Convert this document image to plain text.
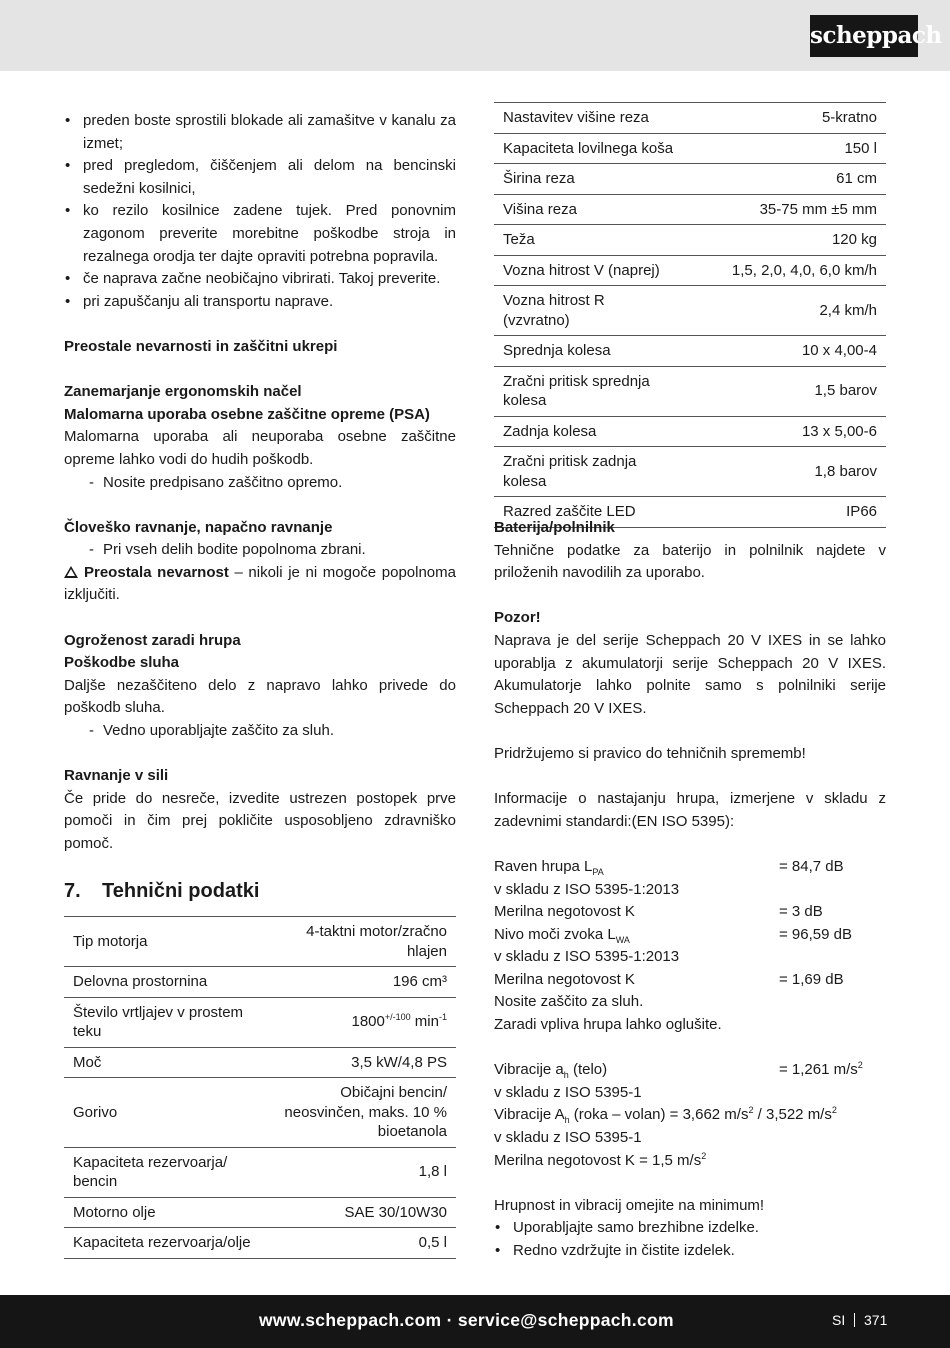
scheppach
• preden boste sprostili blokade ali zamašitve v kanalu za izmet;
• pred pregledom, čiščenjem ali delom na bencinski sedežni kosilnici,
• ko rezilo kosilnice zadene tujek. Pred ponovnim zagonom preverite morebitne poškodbe stroja in rezalnega orodja ter dajte opraviti potrebna popravila.
• če naprava začne neobičajno vibrirati. Takoj preverite.
• pri zapuščanju ali transportu naprave.
Preostale nevarnosti in zaščitni ukrepi
Zanemarjanje ergonomskih načel
Malomarna uporaba osebne zaščitne opreme (PSA)
Malomarna uporaba ali neuporaba osebne zaščitne opreme lahko vodi do hudih poškodb.
- Nosite predpisano zaščitno opremo.
Človeško ravnanje, napačno ravnanje
- Pri vseh delih bodite popolnoma zbrani.
Preostala nevarnost – nikoli je ni mogoče popolnoma izključiti.
Ogroženost zaradi hrupa
Poškodbe sluha
Daljše nezaščiteno delo z napravo lahko privede do poškodb sluha.
- Vedno uporabljajte zaščito za sluh.
Ravnanje v sili
Če pride do nesreče, izvedite ustrezen postopek prve pomoči in čim prej pokličite usposobljeno zdravniško pomoč.
7. Tehnični podatki
Tip motorja	4-taktni motor/zračno hlajen
Delovna prostornina	196 cm³
Število vrtljajev v prostem teku	$1800^{+/-100}$ $\min^{-1}$
Moč	3,5 kW/4,8 PS
Gorivo	Običajni bencin/ neosvinčen, maks. 10 % bioetanola
Kapaciteta rezervoarja/ bencin	1,8 l
Motorno olje	SAE 30/10W30
Kapaciteta rezervoarja/olje	0,5 l
Nastavitev višine reza	5-kratno
Kapaciteta lovilnega koša	150 l
Širina reza	61 cm
Višina reza	35-75 mm ±5 mm
Teža	120 kg
Vozna hitrost V (naprej)	1,5, 2,0, 4,0, 6,0 km/h
Vozna hitrost R (vzvratno)	2,4 km/h
Sprednja kolesa	10 x 4,00-4
Zračni pritisk sprednja kolesa	1,5 barov
Zadnja kolesa	13 x 5,00-6
Zračni pritisk zadnja kolesa	1,8 barov
Razred zaščite LED	IP66
Baterija/polnilnik
Tehnične podatke za baterijo in polnilnik najdete v priloženih navodilih za uporabo.
Pozor!
Naprava je del serije Scheppach 20 V IXES in se lahko uporablja z akumulatorji serije Scheppach 20 V IXES. Akumulatorje lahko polnite samo s polnilniki serije Scheppach 20 V IXES.
Pridržujemo si pravico do tehničnih sprememb!
Informacije o nastajanju hrupa, izmerjene v skladu z zadevnimi standardi:(EN ISO 5395):
Raven hrupa $L_{PA}$	= 84,7 dB
v skladu z ISO 5395-1:2013
Merilna negotovost K	= 3 dB
Nivo moči zvoka $L_{WA}$	= 96,59 dB
v skladu z ISO 5395-1:2013
Merilna negotovost K	= 1,69 dB
Nosite zaščito za sluh.
Zaradi vpliva hrupa lahko oglušite.
Vibracije $a_h$ (telo)	= 1,261 $m/s^2$
v skladu z ISO 5395-1
Vibracije $A_h$ (roka – volan) = 3,662 $m/s^2 / 3,522$ $m/s^2$
v skladu z ISO 5395-1
Merilna negotovost K = 1,5 $m/s^2$
Hrupnost in vibracij omejite na minimum!
• Uporabljajte samo brezhibne izdelke.
• Redno vzdržujte in čistite izdelek.
www.scheppach.com · service@scheppach.com	SI 371
